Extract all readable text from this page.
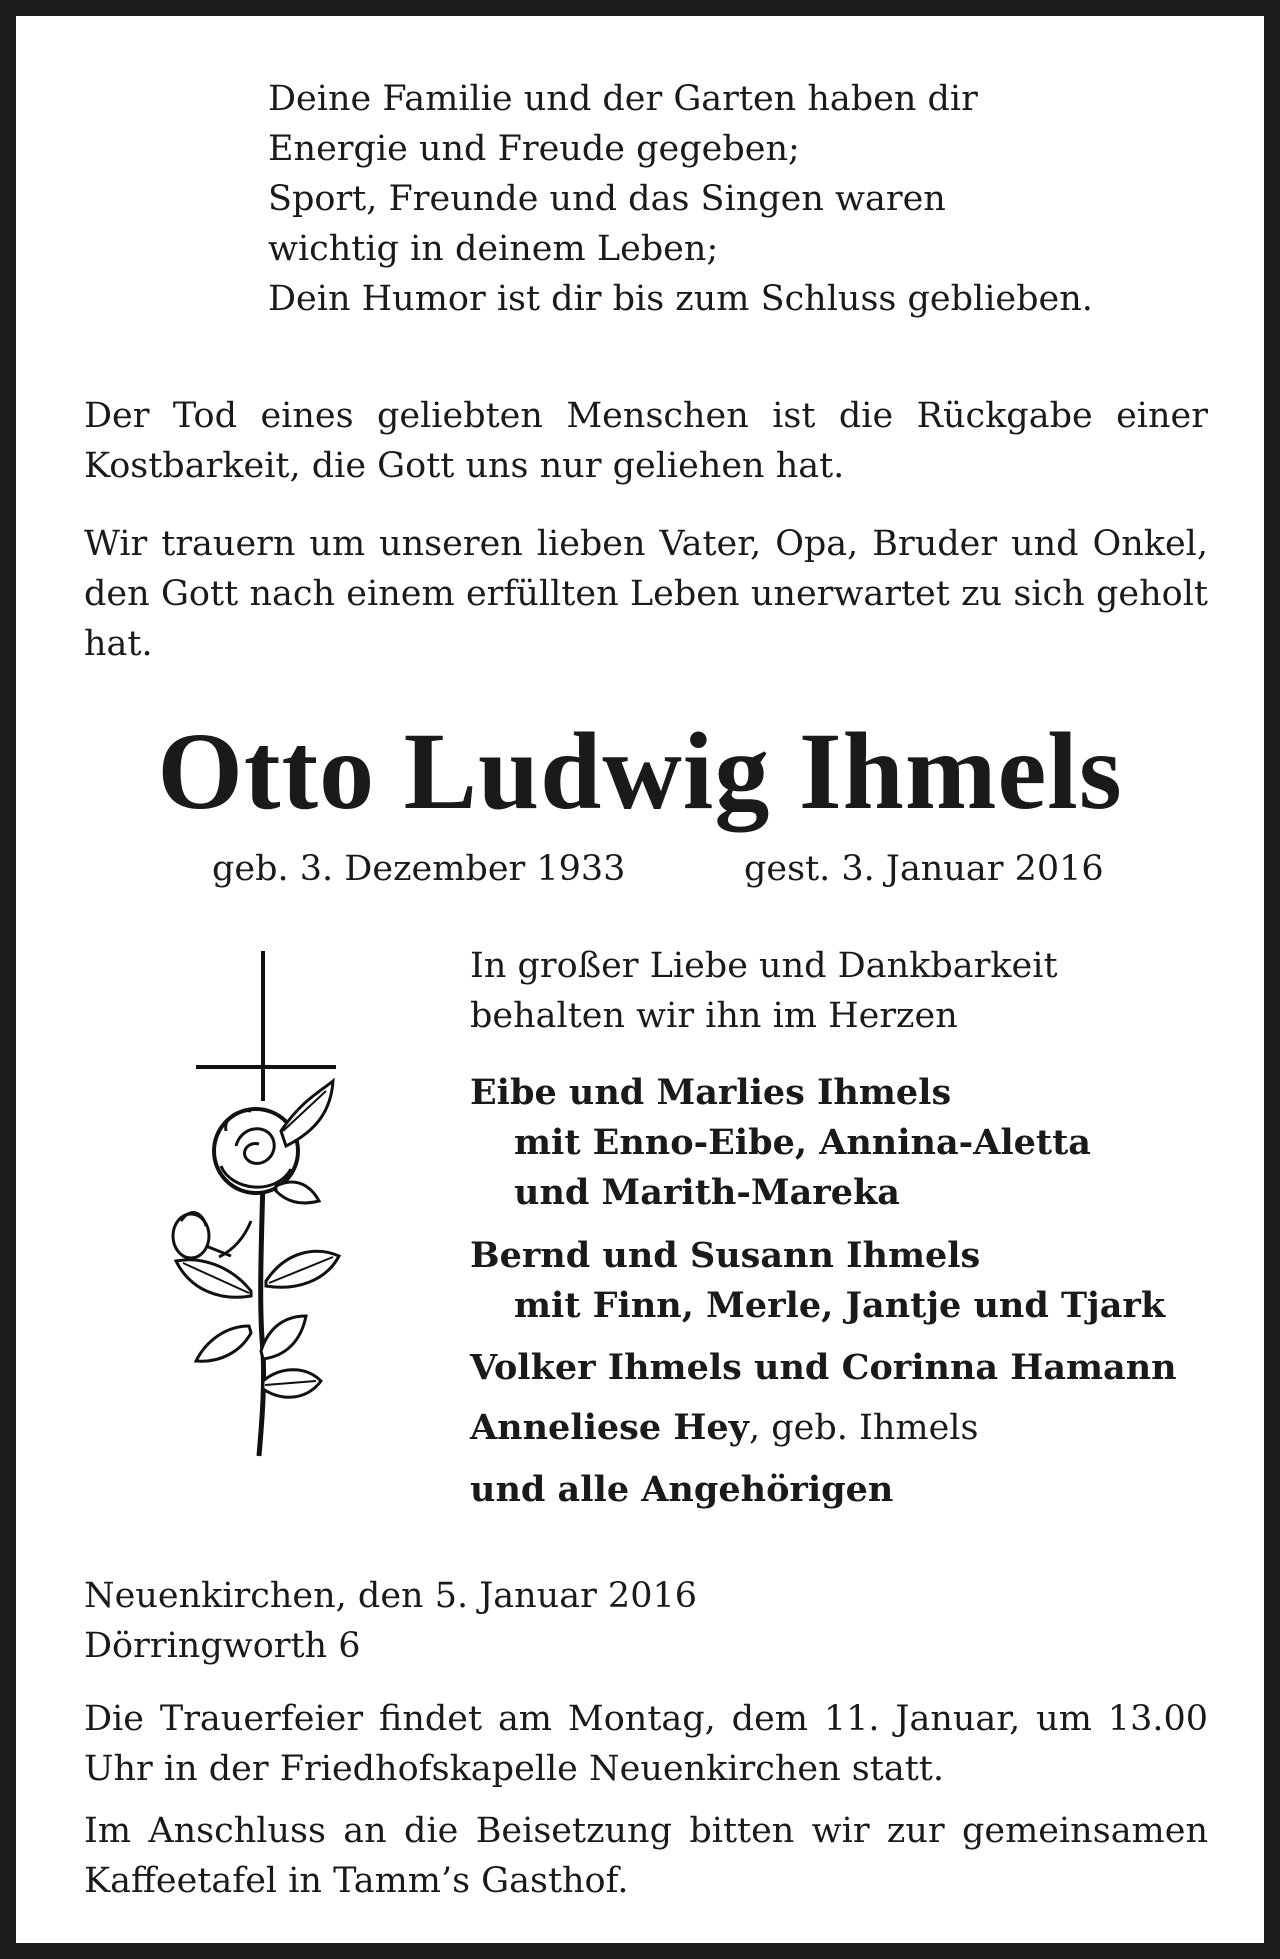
Deine Familie und der Garten haben dir
Energie und Freude gegeben;
Sport, Freunde und das Singen waren
wichtig in deinem Leben;
Dein Humor ist dir bis zum Schluss geblieben.

Der Tod eines geliebten Menschen ist die Rückgabe einer Kostbarkeit, die Gott uns nur geliehen hat.

Wir trauern um unseren lieben Vater, Opa, Bruder und Onkel, den Gott nach einem erfüllten Leben unerwartet zu sich geholt hat.

Otto Ludwig Ihmels
geb. 3. Dezember 1933	gest. 3. Januar 2016
In großer Liebe und Dankbarkeit
behalten wir ihn im Herzen
Eibe und Marlies Ihmels
mit Enno-Eibe, Annina-Aletta
und Marith-Mareka
Bernd und Susann Ihmels
mit Finn, Merle, Jantje und Tjark
Volker Ihmels und Corinna Hamann
Anneliese Hey, geb. Ihmels
und alle Angehörigen
Neuenkirchen, den 5. Januar 2016
Dörringworth 6

Die Trauerfeier findet am Montag, dem 11. Januar, um 13.00 Uhr in der Friedhofskapelle Neuenkirchen statt.

Im Anschluss an die Beisetzung bitten wir zur gemeinsamen Kaffeetafel in Tamm’s Gasthof.
